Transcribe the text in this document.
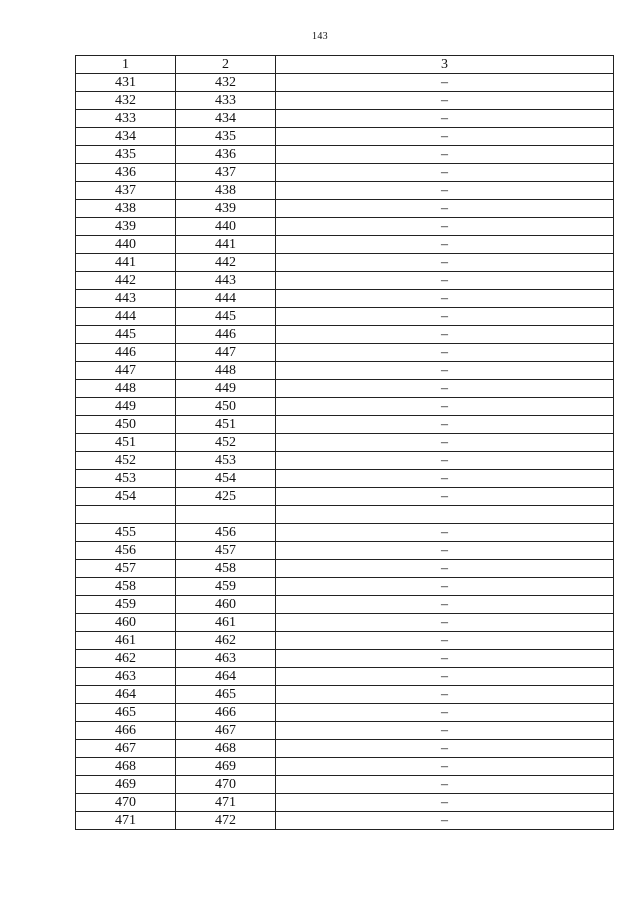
143
1	2	3
431	432	–
432	433	–
433	434	–
434	435	–
435	436	–
436	437	–
437	438	–
438	439	–
439	440	–
440	441	–
441	442	–
442	443	–
443	444	–
444	445	–
445	446	–
446	447	–
447	448	–
448	449	–
449	450	–
450	451	–
451	452	–
452	453	–
453	454	–
454	425	–

455	456	–
456	457	–
457	458	–
458	459	–
459	460	–
460	461	–
461	462	–
462	463	–
463	464	–
464	465	–
465	466	–
466	467	–
467	468	–
468	469	–
469	470	–
470	471	–
471	472	–
